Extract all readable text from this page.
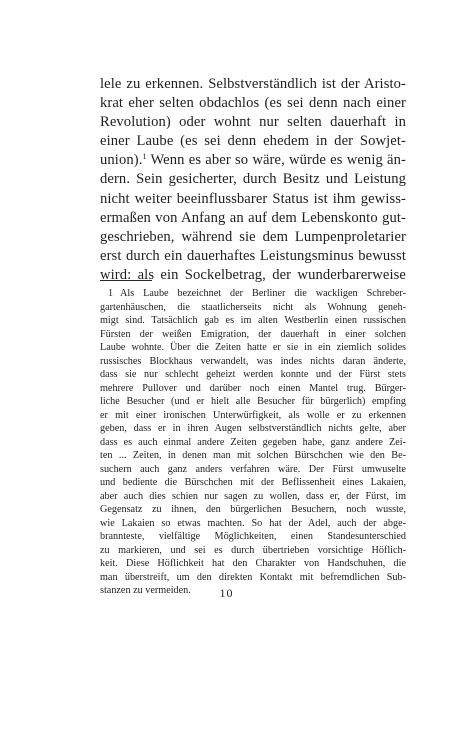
lele zu erkennen. Selbstverständlich ist der Aristo-
krat eher selten obdachlos (es sei denn nach einer
Revolution) oder wohnt nur selten dauerhaft in
einer Laube (es sei denn ehedem in der Sowjet-
union).$^1$ Wenn es aber so wäre, würde es wenig än-
dern. Sein gesicherter, durch Besitz und Leistung
nicht weiter beeinflussbarer Status ist ihm gewiss-
ermaßen von Anfang an auf dem Lebenskonto gut-
geschrieben, während sie dem Lumpenproletarier
erst durch ein dauerhaftes Leistungsminus bewusst
wird: als ein Sockelbetrag, der wunderbarerweise

1 Als Laube bezeichnet der Berliner die wackligen Schreber-
gartenhäuschen, die staatlicherseits nicht als Wohnung geneh-
migt sind. Tatsächlich gab es im alten Westberlin einen russischen
Fürsten der weißen Emigration, der dauerhaft in einer solchen
Laube wohnte. Über die Zeiten hatte er sie in ein ziemlich solides
russisches Blockhaus verwandelt, was indes nichts daran änderte,
dass sie nur schlecht geheizt werden konnte und der Fürst stets
mehrere Pullover und darüber noch einen Mantel trug. Bürger-
liche Besucher (und er hielt alle Besucher für bürgerlich) empfing
er mit einer ironischen Unterwürfigkeit, als wolle er zu erkennen
geben, dass er in ihren Augen selbstverständlich nichts gelte, aber
dass es auch einmal andere Zeiten gegeben habe, ganz andere Zei-
ten ... Zeiten, in denen man mit solchen Bürschchen wie den Be-
suchern auch ganz anders verfahren wäre. Der Fürst umwuselte
und bediente die Bürschchen mit der Beflissenheit eines Lakaien,
aber auch dies schien nur sagen zu wollen, dass er, der Fürst, im
Gegensatz zu ihnen, den bürgerlichen Besuchern, noch wusste,
wie Lakaien so etwas machten. So hat der Adel, auch der abge-
brannteste, vielfältige Möglichkeiten, einen Standesunterschied
zu markieren, und sei es durch übertrieben vorsichtige Höflich-
keit. Diese Höflichkeit hat den Charakter von Handschuhen, die
man überstreift, um den direkten Kontakt mit befremdlichen Sub-
stanzen zu vermeiden.	10
